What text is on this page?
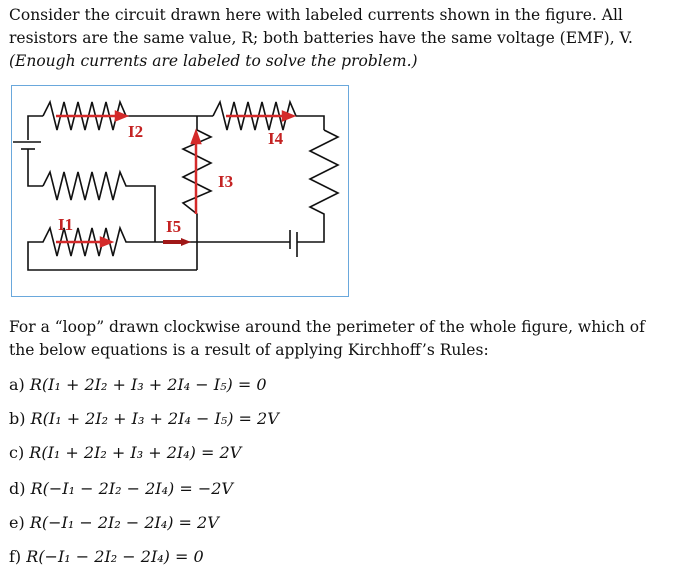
Consider the circuit drawn here with labeled currents shown in the figure. All
resistors are the same value, R; both batteries have the same voltage (EMF), V.
(Enough currents are labeled to solve the problem.)
I2	I4
I3
I1	I5
For a “loop” drawn clockwise around the perimeter of the whole figure, which of
the below equations is a result of applying Kirchhoff’s Rules:
a) R(I₁ + 2I₂ + I₃ + 2I₄ − I₅) = 0
b) R(I₁ + 2I₂ + I₃ + 2I₄ − I₅) = 2V
c) R(I₁ + 2I₂ + I₃ + 2I₄) = 2V
d) R(−I₁ − 2I₂ − 2I₄) = −2V
e) R(−I₁ − 2I₂ − 2I₄) = 2V
f) R(−I₁ − 2I₂ − 2I₄) = 0
